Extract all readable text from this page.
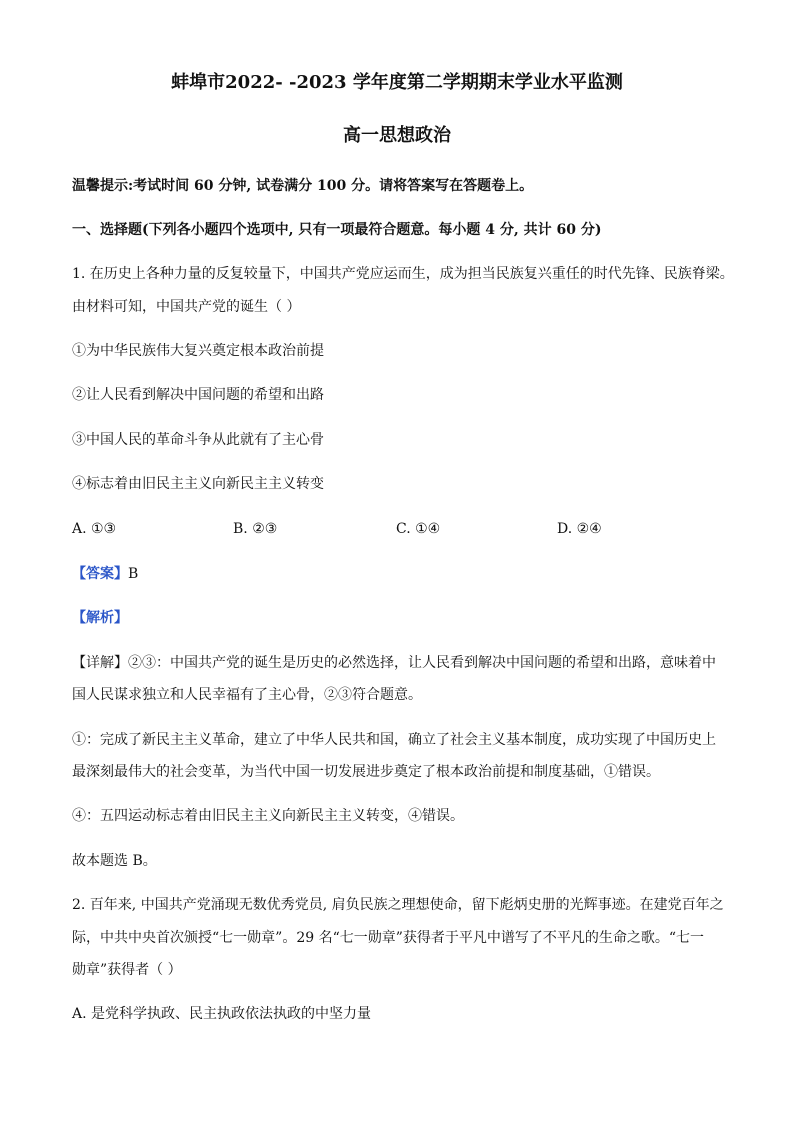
蚌埠市2022- -2023 学年度第二学期期末学业水平监测
高一思想政治
温馨提示:考试时间 60 分钟, 试卷满分 100 分。请将答案写在答题卷上。
一、选择题(下列各小题四个选项中, 只有一项最符合题意。每小题 4 分, 共计 60 分)
1. 在历史上各种力量的反复较量下，中国共产党应运而生，成为担当民族复兴重任的时代先锋、民族脊梁。
由材料可知，中国共产党的诞生（ ）
①为中华民族伟大复兴奠定根本政治前提
②让人民看到解决中国问题的希望和出路
③中国人民的革命斗争从此就有了主心骨
④标志着由旧民主主义向新民主主义转变
A. ①③	B. ②③	C. ①④	D. ②④
【答案】B
【解析】
【详解】②③：中国共产党的诞生是历史的必然选择，让人民看到解决中国问题的希望和出路，意味着中
国人民谋求独立和人民幸福有了主心骨，②③符合题意。
①：完成了新民主主义革命，建立了中华人民共和国，确立了社会主义基本制度，成功实现了中国历史上
最深刻最伟大的社会变革，为当代中国一切发展进步奠定了根本政治前提和制度基础，①错误。
④：五四运动标志着由旧民主主义向新民主主义转变，④错误。
故本题选 B。
2. 百年来, 中国共产党涌现无数优秀党员, 肩负民族之理想使命，留下彪炳史册的光辉事迹。在建党百年之
际，中共中央首次颁授“七一勋章”。29 名“七一勋章”获得者于平凡中谱写了不平凡的生命之歌。“七一
勋章”获得者（ ）
A. 是党科学执政、民主执政依法执政的中坚力量
